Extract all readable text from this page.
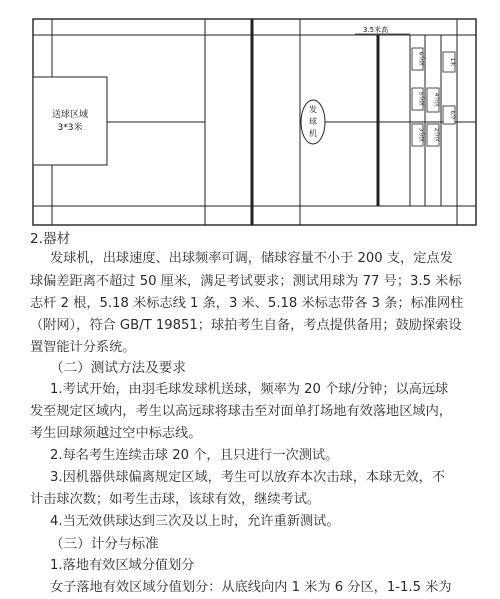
3.5米高
送球区域
3*3米
发
球
机
6分区
5分区
3分区
4分区
2分区
1米
6分
2.器材
发球机，出球速度、出球频率可调，储球容量不小于 200 支，定点发
球偏差距离不超过 50 厘米，满足考试要求；测试用球为 77 号；3.5 米标
志杆 2 根，5.18 米标志线 1 条，3 米、5.18 米标志带各 3 条；标准网柱
（附网），符合 GB/T 19851；球拍考生自备，考点提供备用；鼓励探索设
置智能计分系统。
（二）测试方法及要求
1.考试开始，由羽毛球发球机送球，频率为 20 个球/分钟；以高远球
发至规定区域内，考生以高远球将球击至对面单打场地有效落地区域内，
考生回球须越过空中标志线。
2.每名考生连续击球 20 个，且只进行一次测试。
3.因机器供球偏离规定区域，考生可以放弃本次击球，本球无效，不
计击球次数；如考生击球，该球有效，继续考试。
4.当无效供球达到三次及以上时，允许重新测试。
（三）计分与标准
1.落地有效区域分值划分
女子落地有效区域分值划分：从底线向内 1 米为 6 分区，1-1.5 米为
